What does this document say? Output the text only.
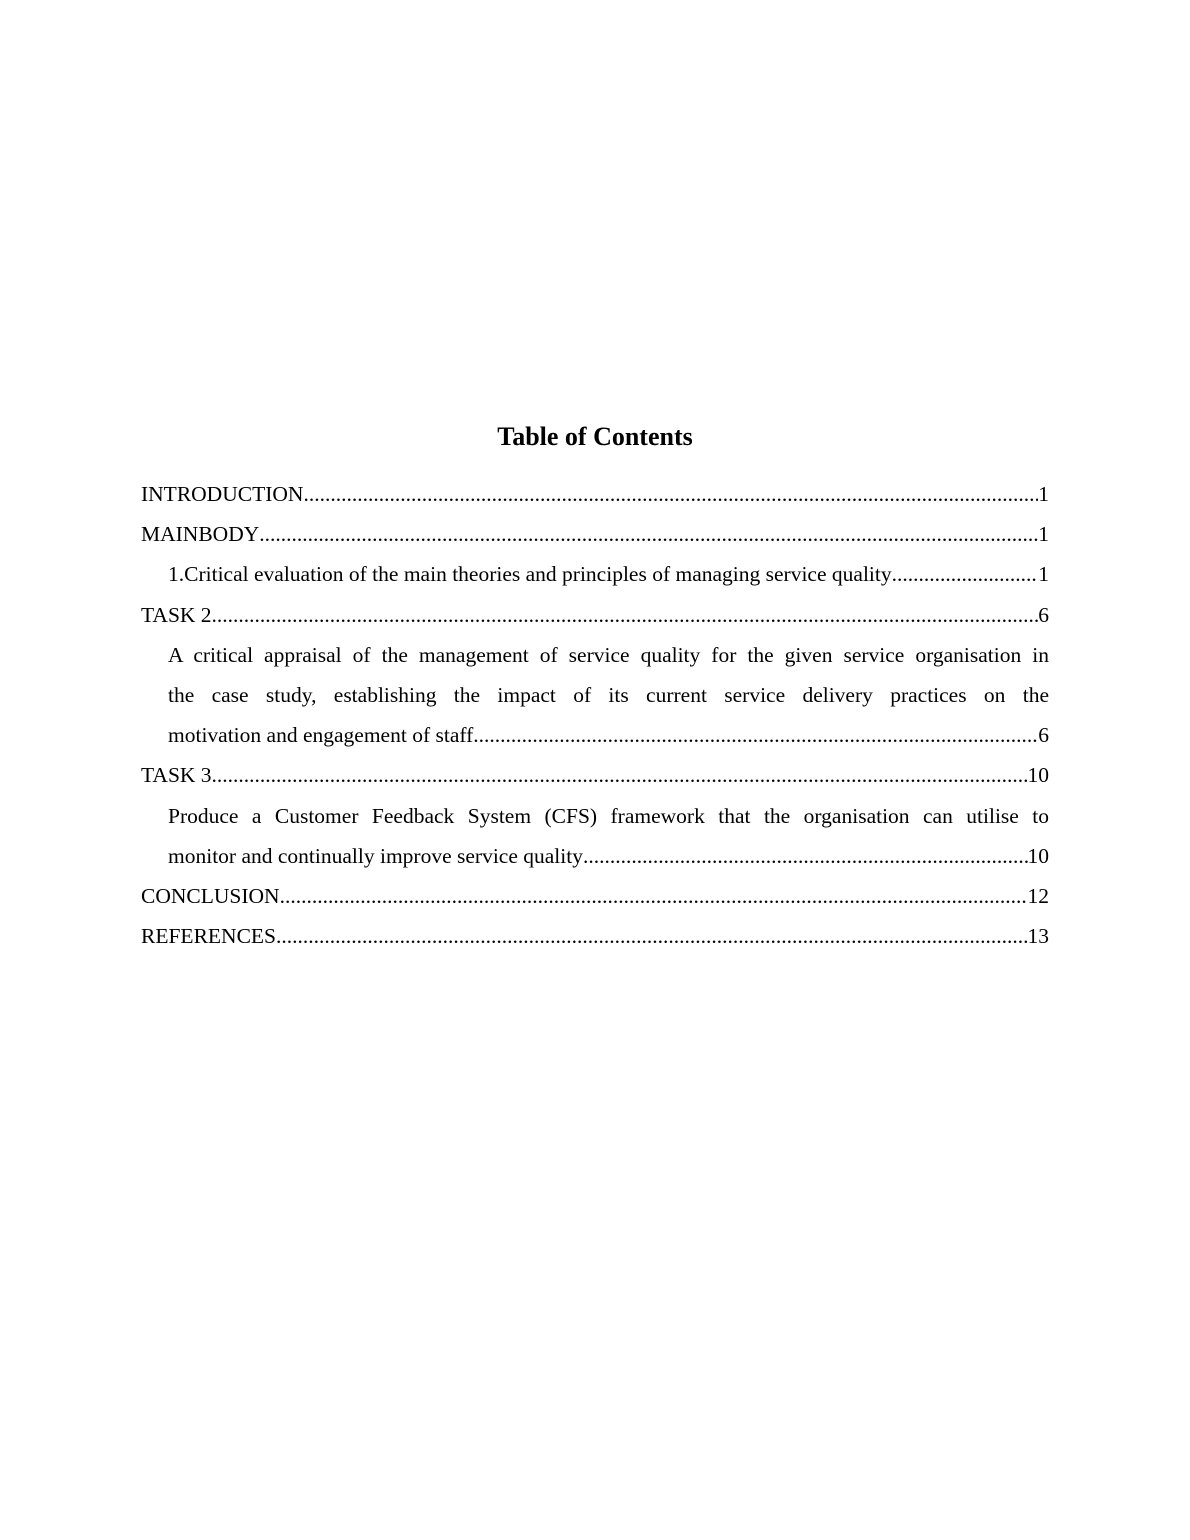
Table of Contents
INTRODUCTION .....	1
MAINBODY .....	1
1.Critical evaluation of the main theories and principles of managing service quality .....	1
TASK 2 .....	6
A critical appraisal of the management of service quality for the given service organisation in
the case study, establishing the impact of its current service delivery practices on the
motivation and engagement of staff .....	6
TASK 3 .....	10
Produce a Customer Feedback System (CFS) framework that the organisation can utilise to
monitor and continually improve service quality .....	10
CONCLUSION .....	12
REFERENCES .....	13
